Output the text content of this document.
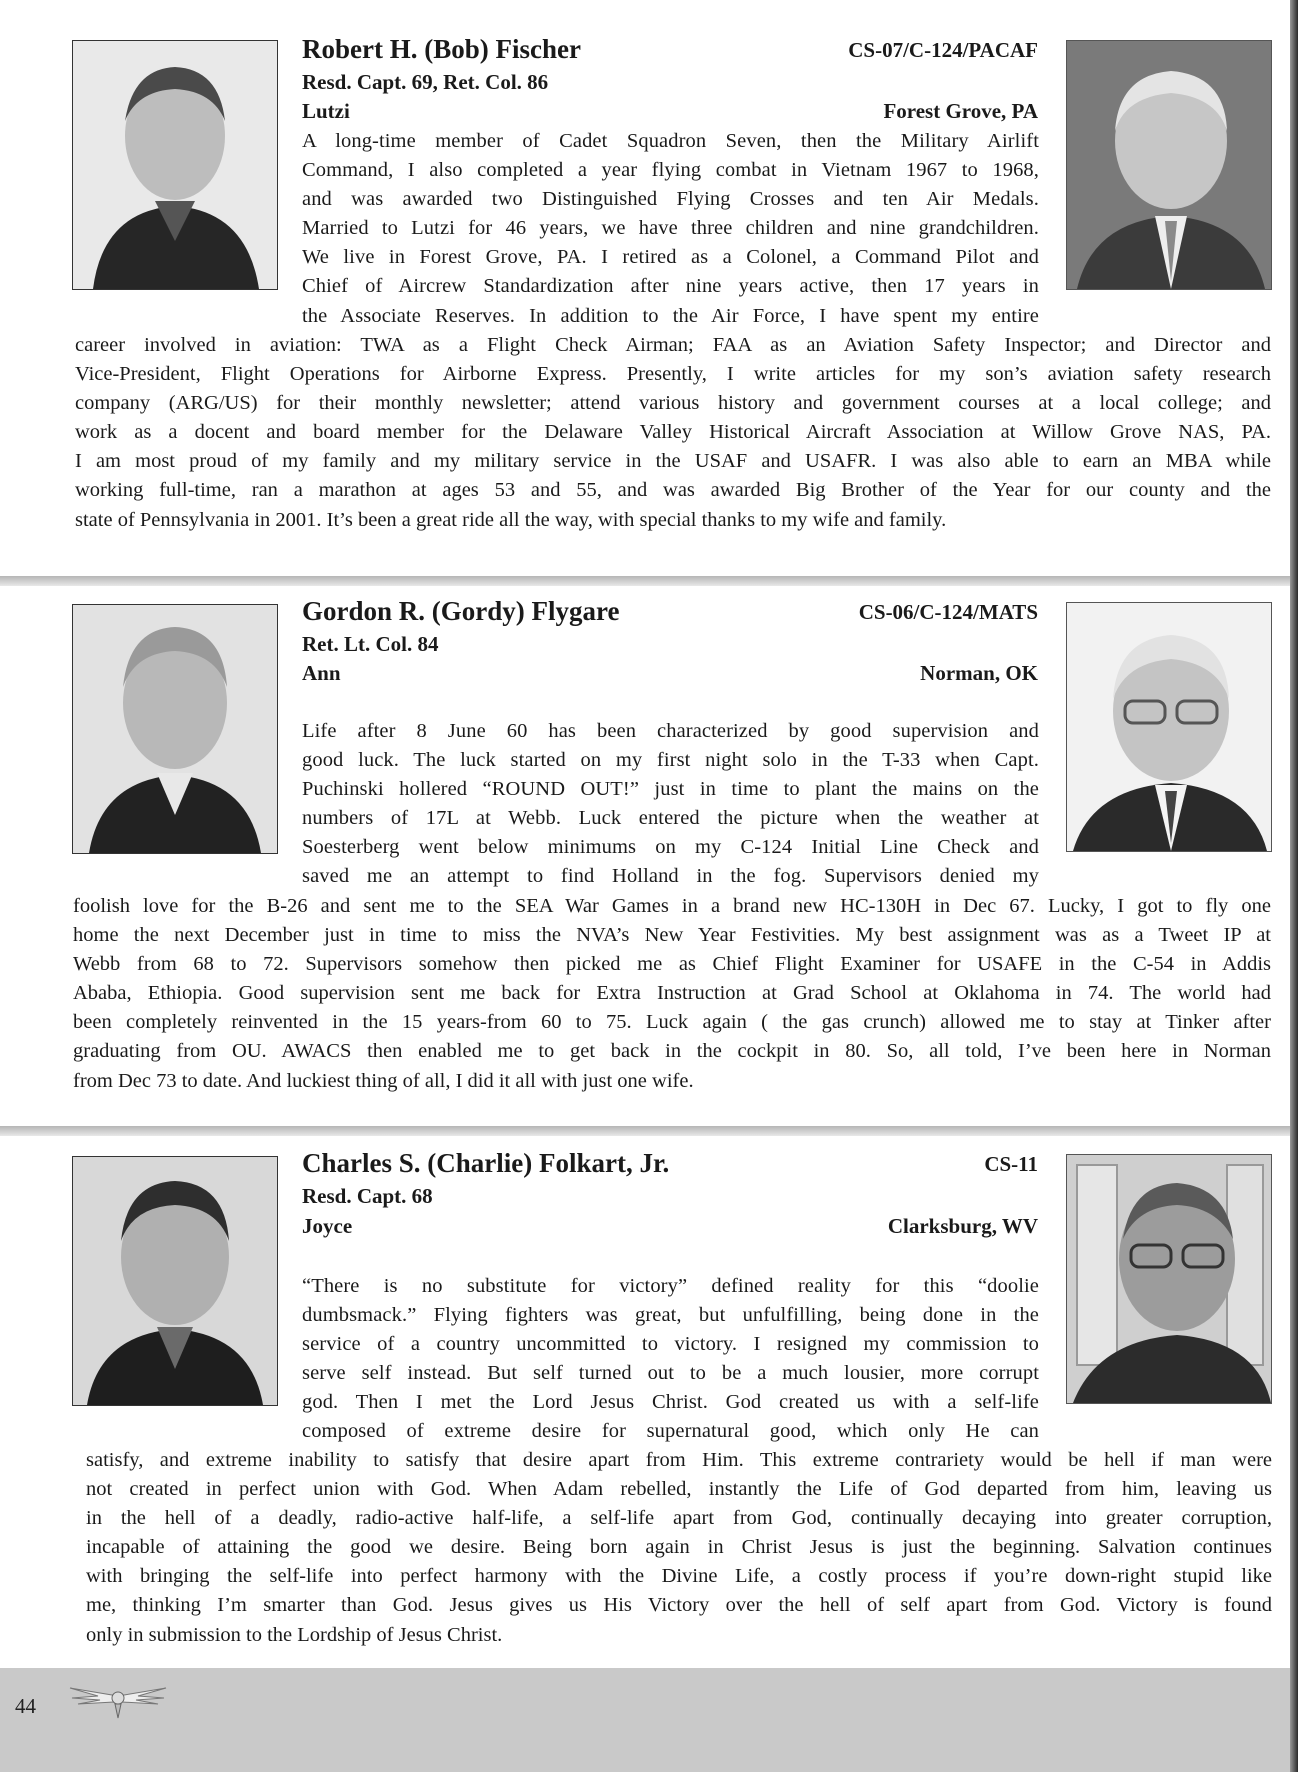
Robert H. (Bob) Fischer	CS-07/C-124/PACAF
Resd. Capt. 69, Ret. Col. 86
Lutzi	Forest Grove, PA
A long-time member of Cadet Squadron Seven, then the Military Airlift
Command, I also completed a year flying combat in Vietnam 1967 to 1968,
and was awarded two Distinguished Flying Crosses and ten Air Medals.
Married to Lutzi for 46 years, we have three children and nine grandchildren.
We live in Forest Grove, PA. I retired as a Colonel, a Command Pilot and
Chief of Aircrew Standardization after nine years active, then 17 years in
the Associate Reserves. In addition to the Air Force, I have spent my entire
career involved in aviation: TWA as a Flight Check Airman; FAA as an Aviation Safety Inspector; and Director and
Vice-President, Flight Operations for Airborne Express. Presently, I write articles for my son’s aviation safety research
company (ARG/US) for their monthly newsletter; attend various history and government courses at a local college; and
work as a docent and board member for the Delaware Valley Historical Aircraft Association at Willow Grove NAS, PA.
I am most proud of my family and my military service in the USAF and USAFR. I was also able to earn an MBA while
working full-time, ran a marathon at ages 53 and 55, and was awarded Big Brother of the Year for our county and the
state of Pennsylvania in 2001. It’s been a great ride all the way, with special thanks to my wife and family.
Gordon R. (Gordy) Flygare	CS-06/C-124/MATS
Ret. Lt. Col. 84
Ann	Norman, OK
Life after 8 June 60 has been characterized by good supervision and
good luck. The luck started on my first night solo in the T-33 when Capt.
Puchinski hollered “ROUND OUT!” just in time to plant the mains on the
numbers of 17L at Webb. Luck entered the picture when the weather at
Soesterberg went below minimums on my C-124 Initial Line Check and
saved me an attempt to find Holland in the fog. Supervisors denied my
foolish love for the B-26 and sent me to the SEA War Games in a brand new HC-130H in Dec 67. Lucky, I got to fly one
home the next December just in time to miss the NVA’s New Year Festivities. My best assignment was as a Tweet IP at
Webb from 68 to 72. Supervisors somehow then picked me as Chief Flight Examiner for USAFE in the C-54 in Addis
Ababa, Ethiopia. Good supervision sent me back for Extra Instruction at Grad School at Oklahoma in 74. The world had
been completely reinvented in the 15 years-from 60 to 75. Luck again ( the gas crunch) allowed me to stay at Tinker after
graduating from OU. AWACS then enabled me to get back in the cockpit in 80. So, all told, I’ve been here in Norman
from Dec 73 to date. And luckiest thing of all, I did it all with just one wife.
Charles S. (Charlie) Folkart, Jr.	CS-11
Resd. Capt. 68
Joyce	Clarksburg, WV
“There is no substitute for victory” defined reality for this “doolie
dumbsmack.” Flying fighters was great, but unfulfilling, being done in the
service of a country uncommitted to victory. I resigned my commission to
serve self instead. But self turned out to be a much lousier, more corrupt
god. Then I met the Lord Jesus Christ. God created us with a self-life
composed of extreme desire for supernatural good, which only He can
satisfy, and extreme inability to satisfy that desire apart from Him. This extreme contrariety would be hell if man were
not created in perfect union with God. When Adam rebelled, instantly the Life of God departed from him, leaving us
in the hell of a deadly, radio-active half-life, a self-life apart from God, continually decaying into greater corruption,
incapable of attaining the good we desire. Being born again in Christ Jesus is just the beginning. Salvation continues
with bringing the self-life into perfect harmony with the Divine Life, a costly process if you’re down-right stupid like
me, thinking I’m smarter than God. Jesus gives us His Victory over the hell of self apart from God. Victory is found
only in submission to the Lordship of Jesus Christ.
44
